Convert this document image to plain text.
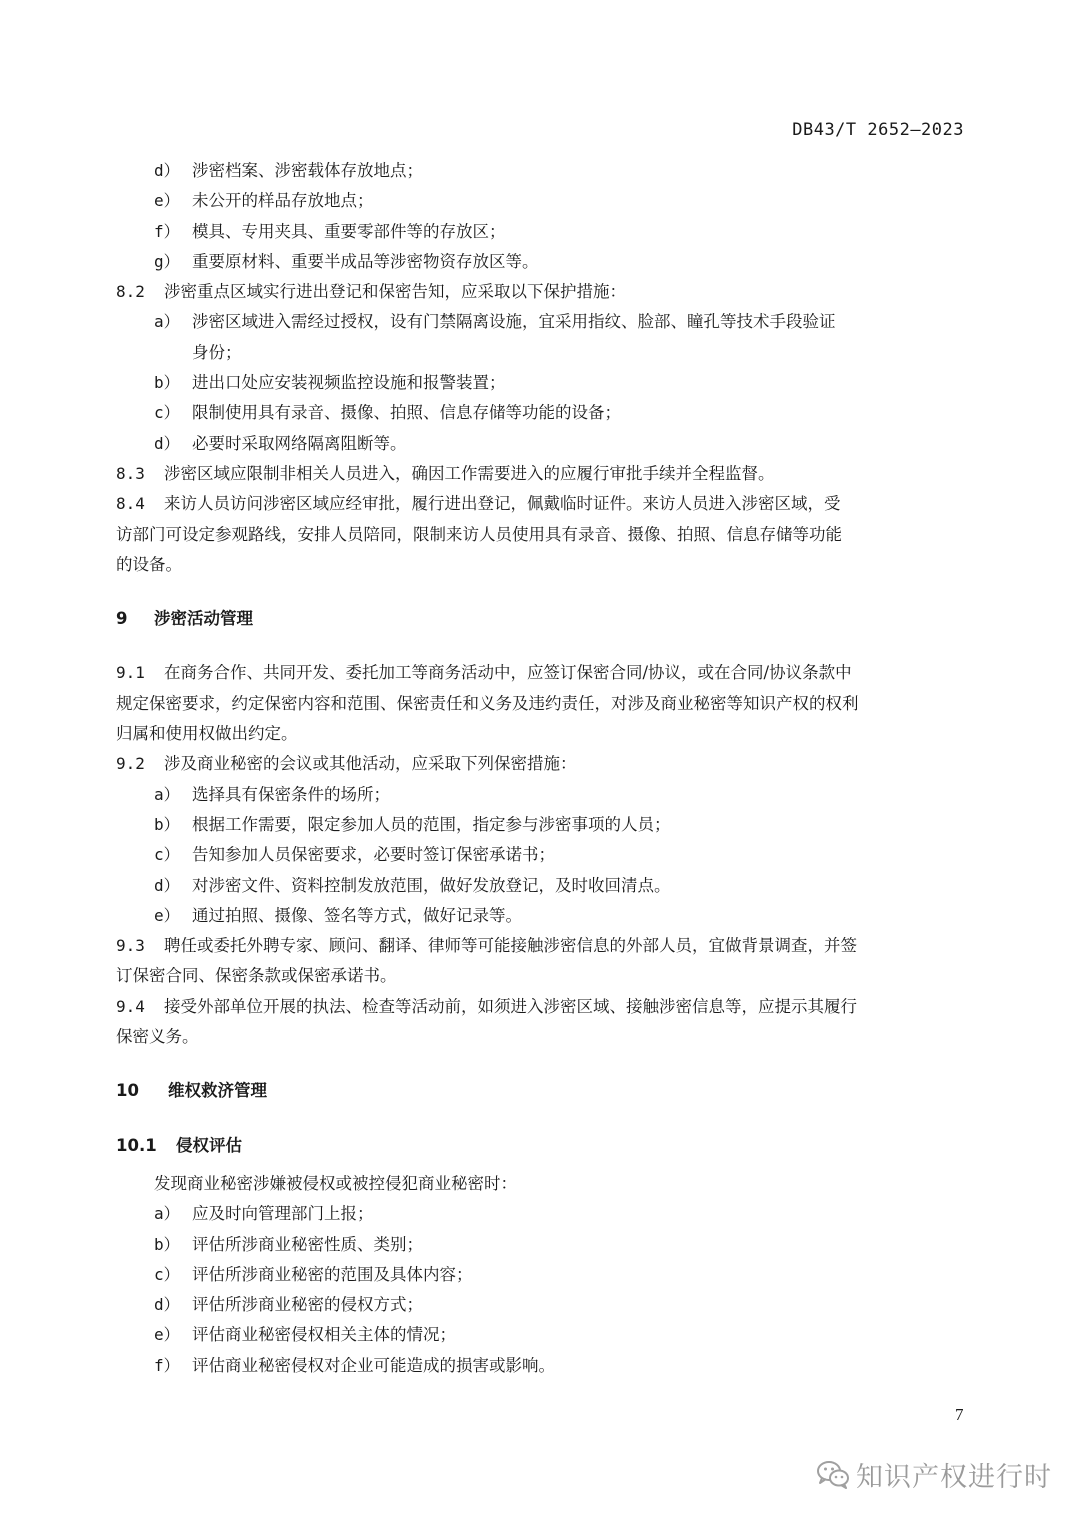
DB43/T 2652—2023
d） 涉密档案、涉密载体存放地点；
e） 未公开的样品存放地点；
f） 模具、专用夹具、重要零部件等的存放区；
g） 重要原材料、重要半成品等涉密物资存放区等。
8.2 涉密重点区域实行进出登记和保密告知，应采取以下保护措施：
a） 涉密区域进入需经过授权，设有门禁隔离设施，宜采用指纹、脸部、瞳孔等技术手段验证
身份；
b） 进出口处应安装视频监控设施和报警装置；
c） 限制使用具有录音、摄像、拍照、信息存储等功能的设备；
d） 必要时采取网络隔离阻断等。
8.3 涉密区域应限制非相关人员进入，确因工作需要进入的应履行审批手续并全程监督。
8.4 来访人员访问涉密区域应经审批，履行进出登记，佩戴临时证件。来访人员进入涉密区域，受
访部门可设定参观路线，安排人员陪同，限制来访人员使用具有录音、摄像、拍照、信息存储等功能
的设备。
9 涉密活动管理
9.1 在商务合作、共同开发、委托加工等商务活动中，应签订保密合同/协议，或在合同/协议条款中
规定保密要求，约定保密内容和范围、保密责任和义务及违约责任，对涉及商业秘密等知识产权的权利
归属和使用权做出约定。
9.2 涉及商业秘密的会议或其他活动，应采取下列保密措施：
a） 选择具有保密条件的场所；
b） 根据工作需要，限定参加人员的范围，指定参与涉密事项的人员；
c） 告知参加人员保密要求，必要时签订保密承诺书；
d） 对涉密文件、资料控制发放范围，做好发放登记，及时收回清点。
e） 通过拍照、摄像、签名等方式，做好记录等。
9.3 聘任或委托外聘专家、顾问、翻译、律师等可能接触涉密信息的外部人员，宜做背景调查，并签
订保密合同、保密条款或保密承诺书。
9.4 接受外部单位开展的执法、检查等活动前，如须进入涉密区域、接触涉密信息等，应提示其履行
保密义务。
10 维权救济管理
10.1 侵权评估
发现商业秘密涉嫌被侵权或被控侵犯商业秘密时：
a） 应及时向管理部门上报；
b） 评估所涉商业秘密性质、类别；
c） 评估所涉商业秘密的范围及具体内容；
d） 评估所涉商业秘密的侵权方式；
e） 评估商业秘密侵权相关主体的情况；
f） 评估商业秘密侵权对企业可能造成的损害或影响。
7
知识产权进行时
